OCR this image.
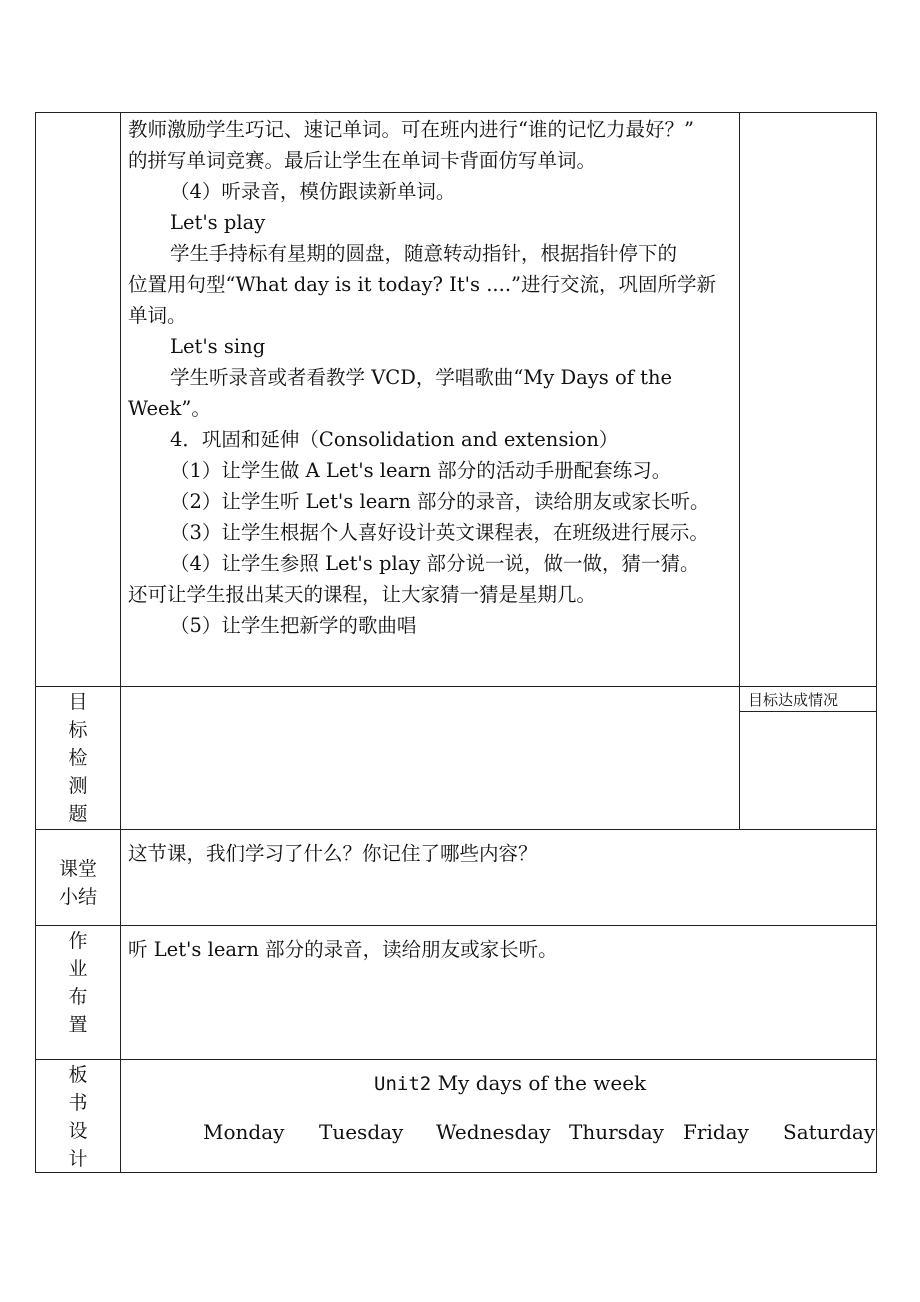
教师激励学生巧记、速记单词。可在班内进行“谁的记忆力最好？”
的拼写单词竞赛。最后让学生在单词卡背面仿写单词。
（4）听录音，模仿跟读新单词。
Let's play
学生手持标有星期的圆盘，随意转动指针，根据指针停下的
位置用句型“What day is it today? It's ....”进行交流，巩固所学新
单词。
Let's sing
学生听录音或者看教学 VCD，学唱歌曲“My Days of the
Week”。
4．巩固和延伸（Consolidation and extension）
（1）让学生做 A Let's learn 部分的活动手册配套练习。
（2）让学生听 Let's learn 部分的录音，读给朋友或家长听。
（3）让学生根据个人喜好设计英文课程表，在班级进行展示。
（4）让学生参照 Let's play 部分说一说，做一做，猜一猜。
还可让学生报出某天的课程，让大家猜一猜是星期几。
（5）让学生把新学的歌曲唱
目
标
检
测
题
目标达成情况
课堂
小结
这节课，我们学习了什么？你记住了哪些内容？
作
业
布
置
听 Let's learn 部分的录音，读给朋友或家长听。
板
书
设
计
Unit2 My days of the week
Monday Tuesday Wednesday Thursday Friday Saturday
